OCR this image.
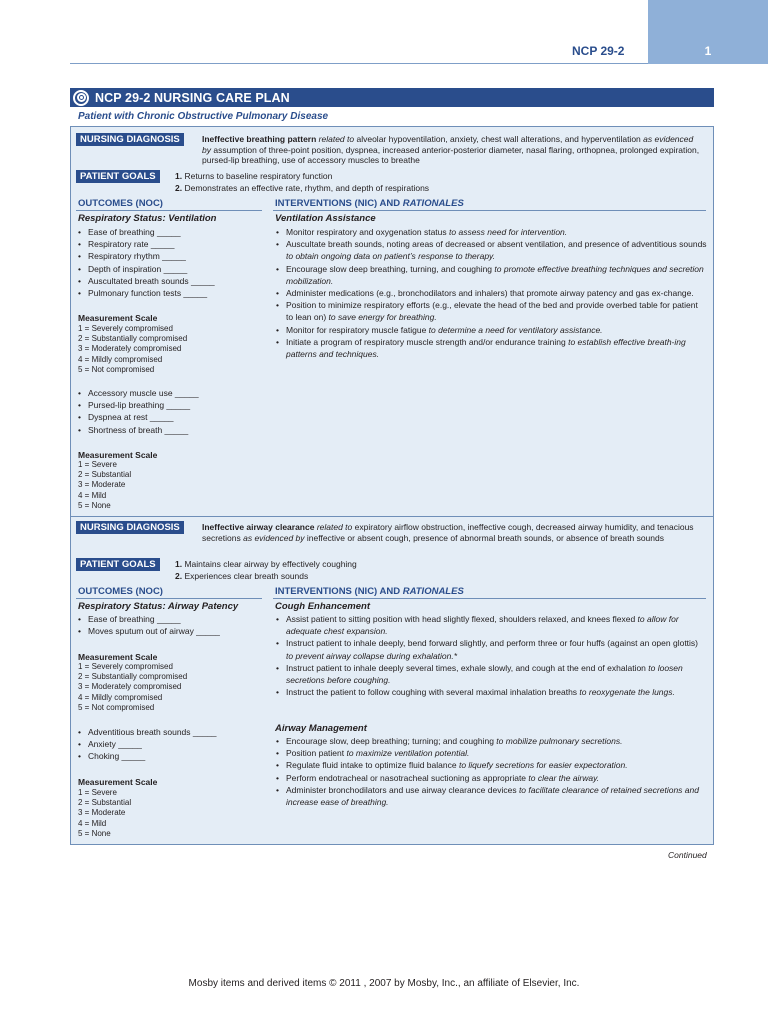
NCP 29-2	1
NCP 29-2 NURSING CARE PLAN
Patient with Chronic Obstructive Pulmonary Disease
NURSING DIAGNOSIS	Ineffective breathing pattern related to alveolar hypoventilation, anxiety, chest wall alterations, and hyperventilation as evidenced by assumption of three-point position, dyspnea, increased anterior-posterior diameter, nasal flaring, orthopnea, prolonged expiration, pursed-lip breathing, use of accessory muscles to breathe
PATIENT GOALS	1. Returns to baseline respiratory function
2. Demonstrates an effective rate, rhythm, and depth of respirations
OUTCOMES (NOC)	INTERVENTIONS (NIC) AND RATIONALES
Respiratory Status: Ventilation
• Ease of breathing _____
• Respiratory rate _____
• Respiratory rhythm _____
• Depth of inspiration _____
• Auscultated breath sounds _____
• Pulmonary function tests _____
Measurement Scale
1 = Severely compromised
2 = Substantially compromised
3 = Moderately compromised
4 = Mildly compromised
5 = Not compromised
• Accessory muscle use _____
• Pursed-lip breathing _____
• Dyspnea at rest _____
• Shortness of breath _____
Measurement Scale
1 = Severe
2 = Substantial
3 = Moderate
4 = Mild
5 = None
Ventilation Assistance
• Monitor respiratory and oxygenation status to assess need for intervention.
• Auscultate breath sounds, noting areas of decreased or absent ventilation, and presence of adventitious sounds to obtain ongoing data on patient’s response to therapy.
• Encourage slow deep breathing, turning, and coughing to promote effective breathing techniques and secretion mobilization.
• Administer medications (e.g., bronchodilators and inhalers) that promote airway patency and gas ex-change.
• Position to minimize respiratory efforts (e.g., elevate the head of the bed and provide overbed table for patient to lean on) to save energy for breathing.
• Monitor for respiratory muscle fatigue to determine a need for ventilatory assistance.
• Initiate a program of respiratory muscle strength and/or endurance training to establish effective breath-ing patterns and techniques.
NURSING DIAGNOSIS	Ineffective airway clearance related to expiratory airflow obstruction, ineffective cough, decreased airway humidity, and tenacious secretions as evidenced by ineffective or absent cough, presence of abnormal breath sounds, or absence of breath sounds
PATIENT GOALS	1. Maintains clear airway by effectively coughing
2. Experiences clear breath sounds
OUTCOMES (NOC)	INTERVENTIONS (NIC) AND RATIONALES
Respiratory Status: Airway Patency
• Ease of breathing _____
• Moves sputum out of airway _____
Measurement Scale
1 = Severely compromised
2 = Substantially compromised
3 = Moderately compromised
4 = Mildly compromised
5 = Not compromised
• Adventitious breath sounds _____
• Anxiety _____
• Choking _____
Measurement Scale
1 = Severe
2 = Substantial
3 = Moderate
4 = Mild
5 = None
Cough Enhancement
• Assist patient to sitting position with head slightly flexed, shoulders relaxed, and knees flexed to allow for adequate chest expansion.
• Instruct patient to inhale deeply, bend forward slightly, and perform three or four huffs (against an open glottis) to prevent airway collapse during exhalation.*
• Instruct patient to inhale deeply several times, exhale slowly, and cough at the end of exhalation to loosen secretions before coughing.
• Instruct the patient to follow coughing with several maximal inhalation breaths to reoxygenate the lungs.
Airway Management
• Encourage slow, deep breathing; turning; and coughing to mobilize pulmonary secretions.
• Position patient to maximize ventilation potential.
• Regulate fluid intake to optimize fluid balance to liquefy secretions for easier expectoration.
• Perform endotracheal or nasotracheal suctioning as appropriate to clear the airway.
• Administer bronchodilators and use airway clearance devices to facilitate clearance of retained secretions and increase ease of breathing.
Continued
Mosby items and derived items © 2011 , 2007 by Mosby, Inc., an affiliate of Elsevier, Inc.
